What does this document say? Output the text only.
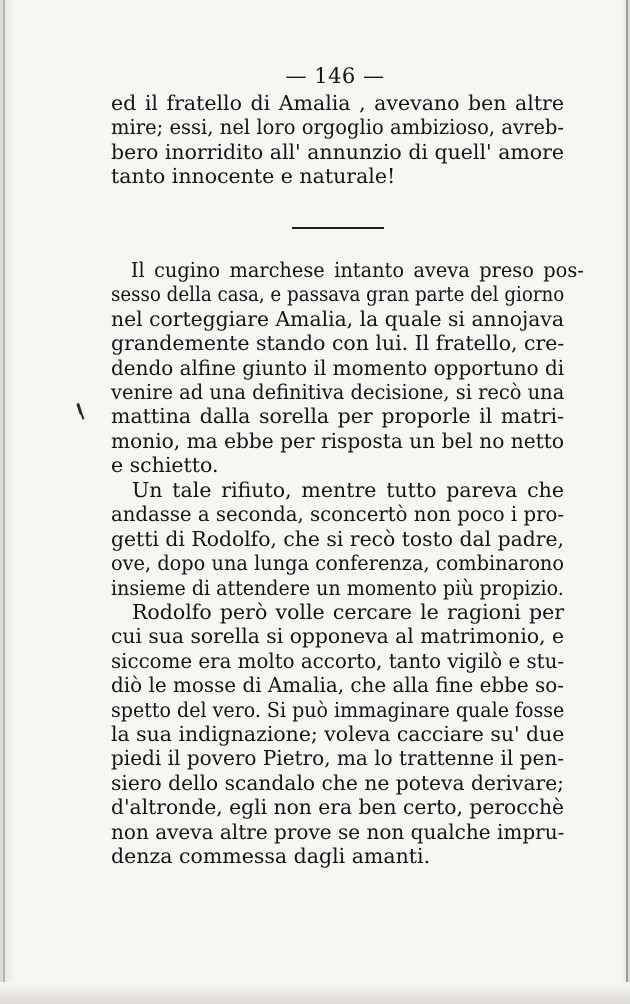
— 146 —
ed il fratello di Amalia , avevano ben altre
mire; essi, nel loro orgoglio ambizioso, avreb-
bero inorridito all' annunzio di quell' amore
tanto innocente e naturale!
Il cugino marchese intanto aveva preso pos-
sesso della casa, e passava gran parte del giorno
nel corteggiare Amalia, la quale si annojava
grandemente stando con lui. Il fratello, cre-
dendo alfine giunto il momento opportuno di
venire ad una definitiva decisione, si recò una
mattina dalla sorella per proporle il matri-
monio, ma ebbe per risposta un bel no netto
e schietto.
Un tale rifiuto, mentre tutto pareva che
andasse a seconda, sconcertò non poco i pro-
getti di Rodolfo, che si recò tosto dal padre,
ove, dopo una lunga conferenza, combinarono
insieme di attendere un momento più propizio.
Rodolfo però volle cercare le ragioni per
cui sua sorella si opponeva al matrimonio, e
siccome era molto accorto, tanto vigilò e stu-
diò le mosse di Amalia, che alla fine ebbe so-
spetto del vero. Si può immaginare quale fosse
la sua indignazione; voleva cacciare su' due
piedi il povero Pietro, ma lo trattenne il pen-
siero dello scandalo che ne poteva derivare;
d'altronde, egli non era ben certo, perocchè
non aveva altre prove se non qualche impru-
denza commessa dagli amanti.
